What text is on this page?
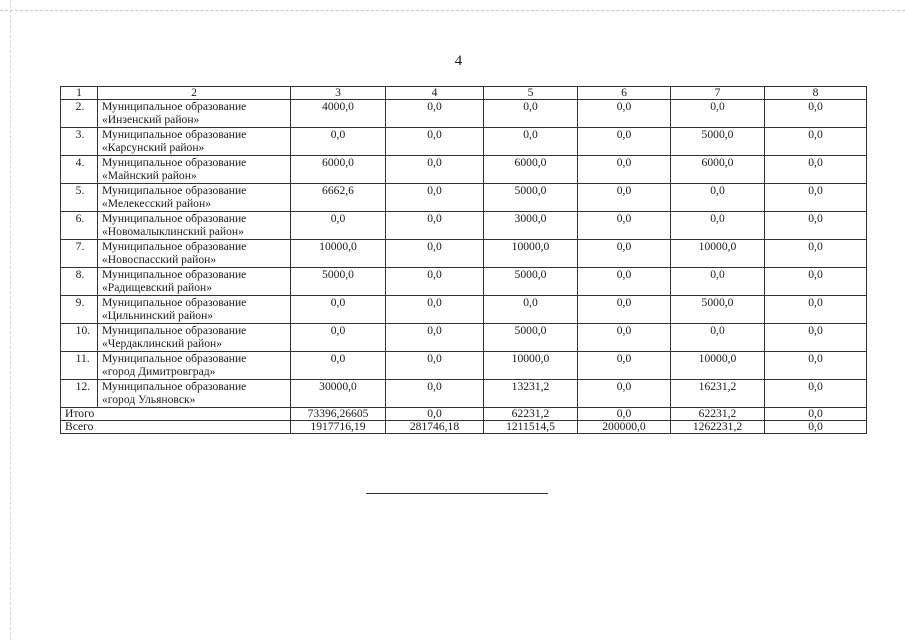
4
1	2	3	4	5	6	7	8
2.	Муниципальное образование
«Инзенский район»	4000,0	0,0	0,0	0,0	0,0	0,0
3.	Муниципальное образование
«Карсунский район»	0,0	0,0	0,0	0,0	5000,0	0,0
4.	Муниципальное образование
«Майнский район»	6000,0	0,0	6000,0	0,0	6000,0	0,0
5.	Муниципальное образование
«Мелекесский район»	6662,6	0,0	5000,0	0,0	0,0	0,0
6.	Муниципальное образование
«Новомалыклинский район»	0,0	0,0	3000,0	0,0	0,0	0,0
7.	Муниципальное образование
«Новоспасский район»	10000,0	0,0	10000,0	0,0	10000,0	0,0
8.	Муниципальное образование
«Радищевский район»	5000,0	0,0	5000,0	0,0	0,0	0,0
9.	Муниципальное образование
«Цильнинский район»	0,0	0,0	0,0	0,0	5000,0	0,0
10.	Муниципальное образование
«Чердаклинский район»	0,0	0,0	5000,0	0,0	0,0	0,0
11.	Муниципальное образование
«город Димитровград»	0,0	0,0	10000,0	0,0	10000,0	0,0
12.	Муниципальное образование
«город Ульяновск»	30000,0	0,0	13231,2	0,0	16231,2	0,0
Итого		73396,26605	0,0	62231,2	0,0	62231,2	0,0
Всего		1917716,19	281746,18	1211514,5	200000,0	1262231,2	0,0
